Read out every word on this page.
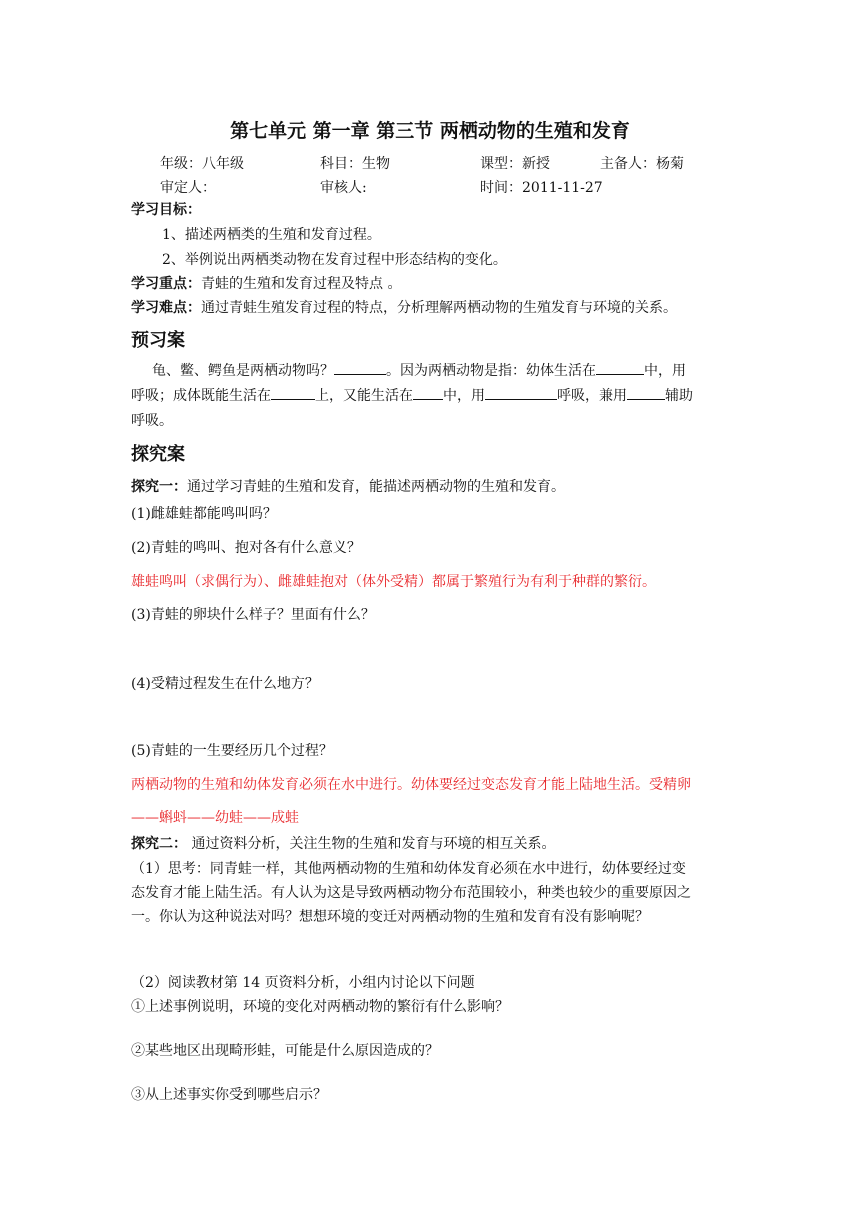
第七单元 第一章 第三节 两栖动物的生殖和发育
年级：八年级	科目：生物	课型：新授	主备人：杨菊
审定人：	审核人:	时间：2011-11-27
学习目标：
1、描述两栖类的生殖和发育过程。
2、举例说出两栖类动物在发育过程中形态结构的变化。
学习重点：青蛙的生殖和发育过程及特点 。
学习难点：通过青蛙生殖发育过程的特点，分析理解两栖动物的生殖发育与环境的关系。
预习案
龟、鳖、鳄鱼是两栖动物吗？	。因为两栖动物是指：幼体生活在	中，用
呼吸；成体既能生活在	上，又能生活在 中，用	呼吸，兼用	辅助
呼吸。
探究案
探究一：通过学习青蛙的生殖和发育，能描述两栖动物的生殖和发育。
(1)雌雄蛙都能鸣叫吗？
(2)青蛙的鸣叫、抱对各有什么意义？
雄蛙鸣叫（求偶行为）、雌雄蛙抱对（体外受精）都属于繁殖行为有利于种群的繁衍。
(3)青蛙的卵块什么样子？里面有什么？
(4)受精过程发生在什么地方？
(5)青蛙的一生要经历几个过程？
两栖动物的生殖和幼体发育必须在水中进行。幼体要经过变态发育才能上陆地生活。受精卵
——蝌蚪——幼蛙——成蛙
探究二： 通过资料分析，关注生物的生殖和发育与环境的相互关系。
（1）思考：同青蛙一样，其他两栖动物的生殖和幼体发育必须在水中进行，幼体要经过变
态发育才能上陆生活。有人认为这是导致两栖动物分布范围较小，种类也较少的重要原因之
一。你认为这种说法对吗？想想环境的变迁对两栖动物的生殖和发育有没有影响呢？
（2）阅读教材第 14 页资料分析，小组内讨论以下问题
①上述事例说明，环境的变化对两栖动物的繁衍有什么影响？
②某些地区出现畸形蛙，可能是什么原因造成的？
③从上述事实你受到哪些启示？
